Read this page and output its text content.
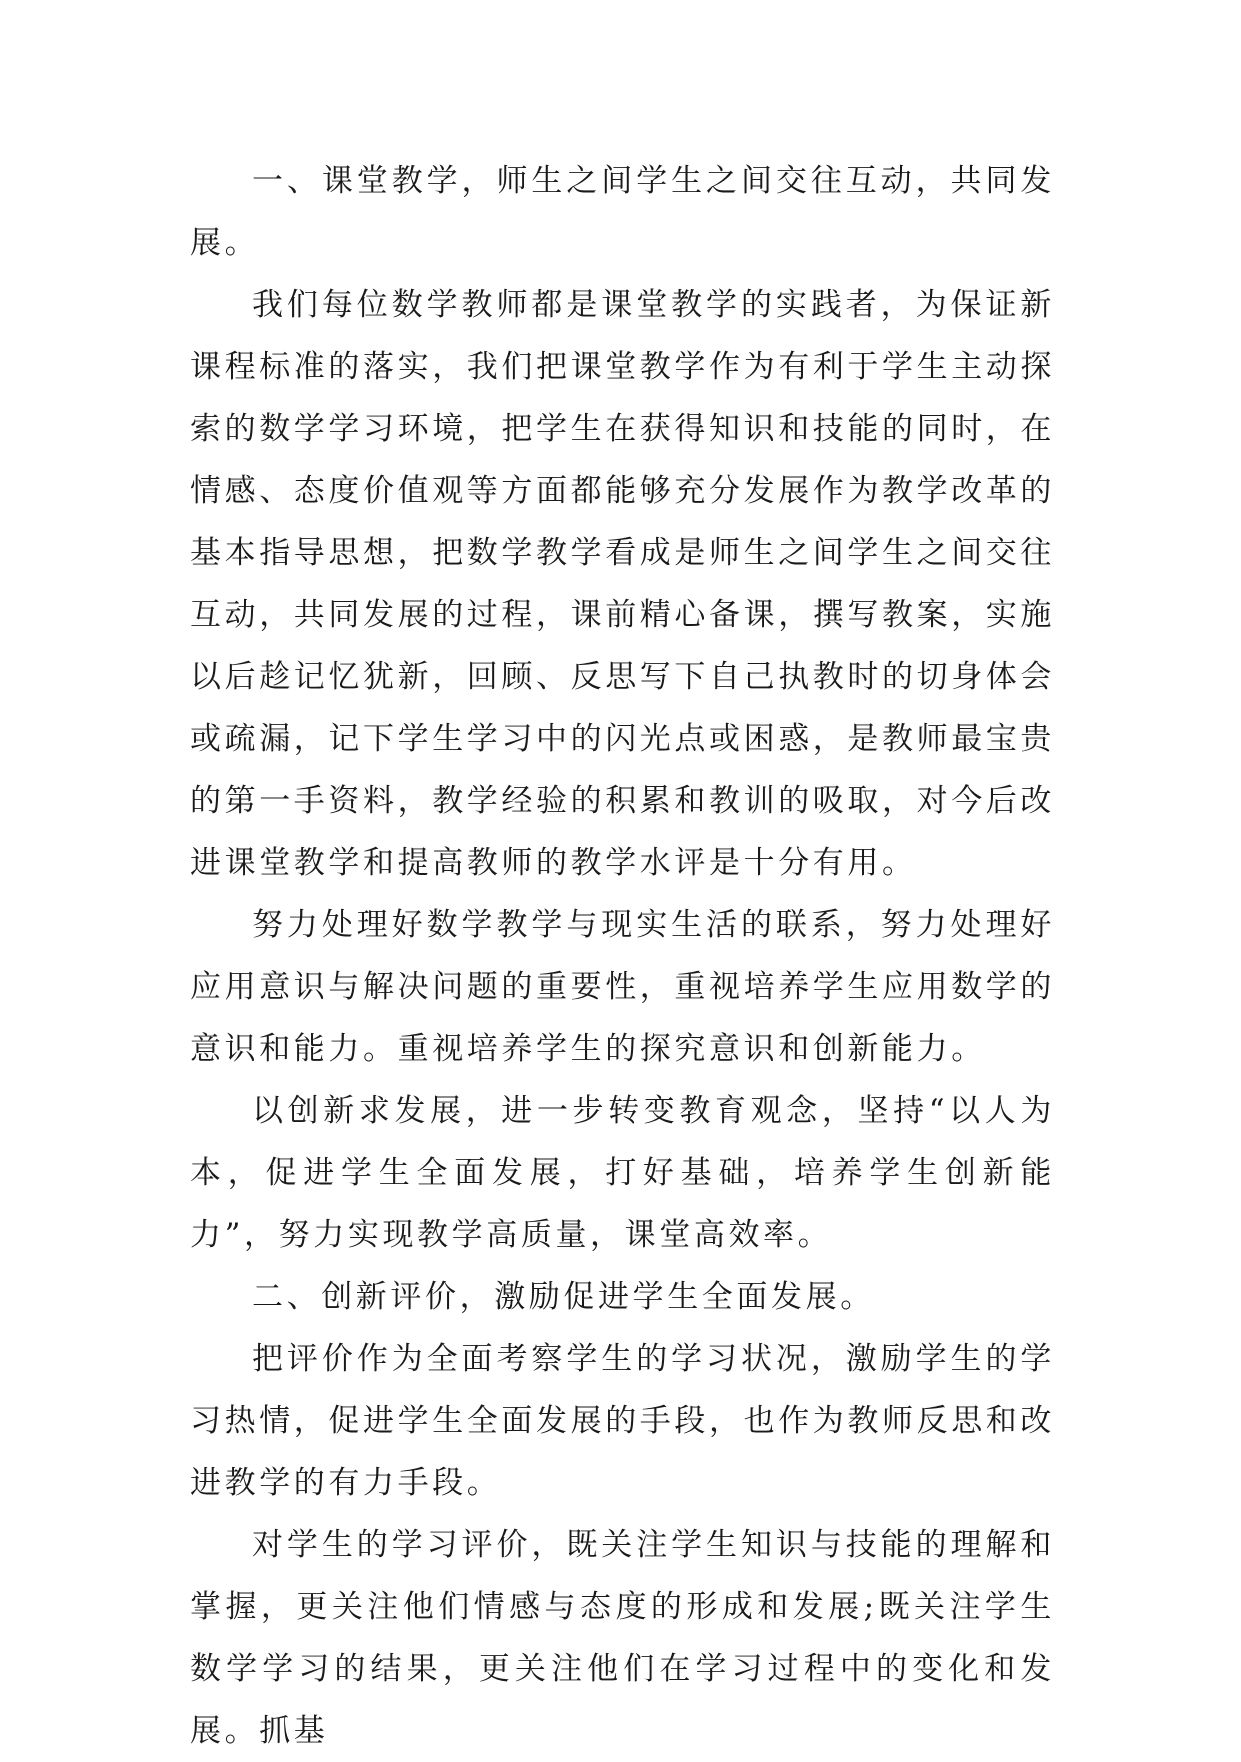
一、课堂教学，师生之间学生之间交往互动，共同发展。

我们每位数学教师都是课堂教学的实践者，为保证新课程标准的落实，我们把课堂教学作为有利于学生主动探索的数学学习环境，把学生在获得知识和技能的同时，在情感、态度价值观等方面都能够充分发展作为教学改革的基本指导思想，把数学教学看成是师生之间学生之间交往互动，共同发展的过程，课前精心备课，撰写教案，实施以后趁记忆犹新，回顾、反思写下自己执教时的切身体会或疏漏，记下学生学习中的闪光点或困惑，是教师最宝贵的第一手资料，教学经验的积累和教训的吸取，对今后改进课堂教学和提高教师的教学水评是十分有用。

努力处理好数学教学与现实生活的联系，努力处理好应用意识与解决问题的重要性，重视培养学生应用数学的意识和能力。重视培养学生的探究意识和创新能力。

以创新求发展，进一步转变教育观念，坚持“以人为本，促进学生全面发展，打好基础，培养学生创新能力”，努力实现教学高质量，课堂高效率。

二、创新评价，激励促进学生全面发展。

把评价作为全面考察学生的学习状况，激励学生的学习热情，促进学生全面发展的手段，也作为教师反思和改进教学的有力手段。

对学生的学习评价，既关注学生知识与技能的理解和掌握，更关注他们情感与态度的形成和发展;既关注学生数学学习的结果，更关注他们在学习过程中的变化和发展。抓基
